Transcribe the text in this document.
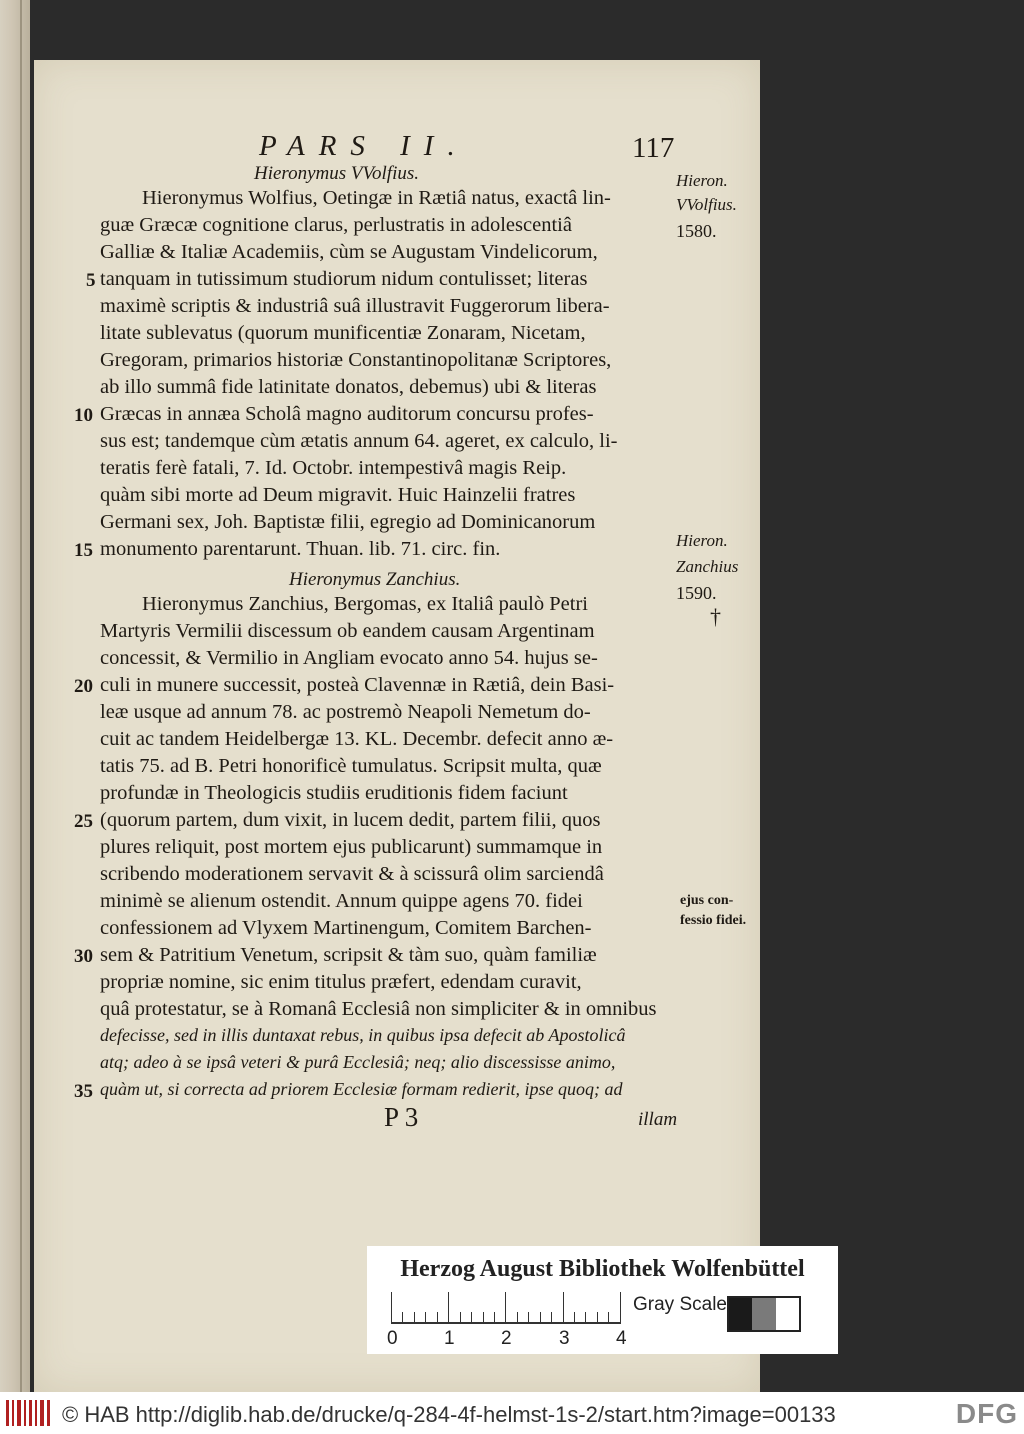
PARS II.	117
Hieronymus VVolfius.
Hieronymus Wolfius, Oetingæ in Rætiâ natus, exactâ lin-
guæ Græcæ cognitione clarus, perlustratis in adolescentiâ
Galliæ & Italiæ Academiis, cùm se Augustam Vindelicorum,
5 tanquam in tutissimum studiorum nidum contulisset; literas
maximè scriptis & industriâ suâ illustravit Fuggerorum libera-
litate sublevatus (quorum munificentiæ Zonaram, Nicetam,
Gregoram, primarios historiæ Constantinopolitanæ Scriptores,
ab illo summâ fide latinitate donatos, debemus) ubi & literas
10 Græcas in annæa Scholâ magno auditorum concursu profes-
sus est; tandemque cùm ætatis annum 64. ageret, ex calculo, li-
teratis ferè fatali, 7. Id. Octobr. intempestivâ magis Reip.
quàm sibi morte ad Deum migravit. Huic Hainzelii fratres
Germani sex, Joh. Baptistæ filii, egregio ad Dominicanorum
15 monumento parentarunt. Thuan. lib. 71. circ. fin.
Hieronymus Zanchius.
Hieronymus Zanchius, Bergomas, ex Italiâ paulò Petri
Martyris Vermilii discessum ob eandem causam Argentinam
concessit, & Vermilio in Angliam evocato anno 54. hujus se-
20 culi in munere successit, posteà Clavennæ in Rætiâ, dein Basi-
leæ usque ad annum 78. ac postremò Neapoli Nemetum do-
cuit ac tandem Heidelbergæ 13. KL. Decembr. defecit anno æ-
tatis 75. ad B. Petri honorificè tumulatus. Scripsit multa, quæ
profundæ in Theologicis studiis eruditionis fidem faciunt
25 (quorum partem, dum vixit, in lucem dedit, partem filii, quos
plures reliquit, post mortem ejus publicarunt) summamque in
scribendo moderationem servavit & à scissurâ olim sarciendâ
minimè se alienum ostendit. Annum quippe agens 70. fidei
confessionem ad Vlyxem Martinengum, Comitem Barchen-
30 sem & Patritium Venetum, scripsit & tàm suo, quàm familiæ
propriæ nomine, sic enim titulus præfert, edendam curavit,
quâ protestatur, se à Romanâ Ecclesiâ non simpliciter & in omnibus
defecisse, sed in illis duntaxat rebus, in quibus ipsa defecit ab Apostolicâ
atq; adeo à se ipsâ veteri & purâ Ecclesiâ; neq; alio discessisse animo,
35 quàm ut, si correcta ad priorem Ecclesiæ formam redierit, ipse quoq; ad
P 3	illam
Hieron.
VVolfius.
1580.
Hieron.
Zanchius
1590.
†
ejus con-
fessio fidei.
Herzog August Bibliothek Wolfenbüttel
0 1 2 3 4
Gray Scale
© HAB http://diglib.hab.de/drucke/q-284-4f-helmst-1s-2/start.htm?image=00133	DFG
